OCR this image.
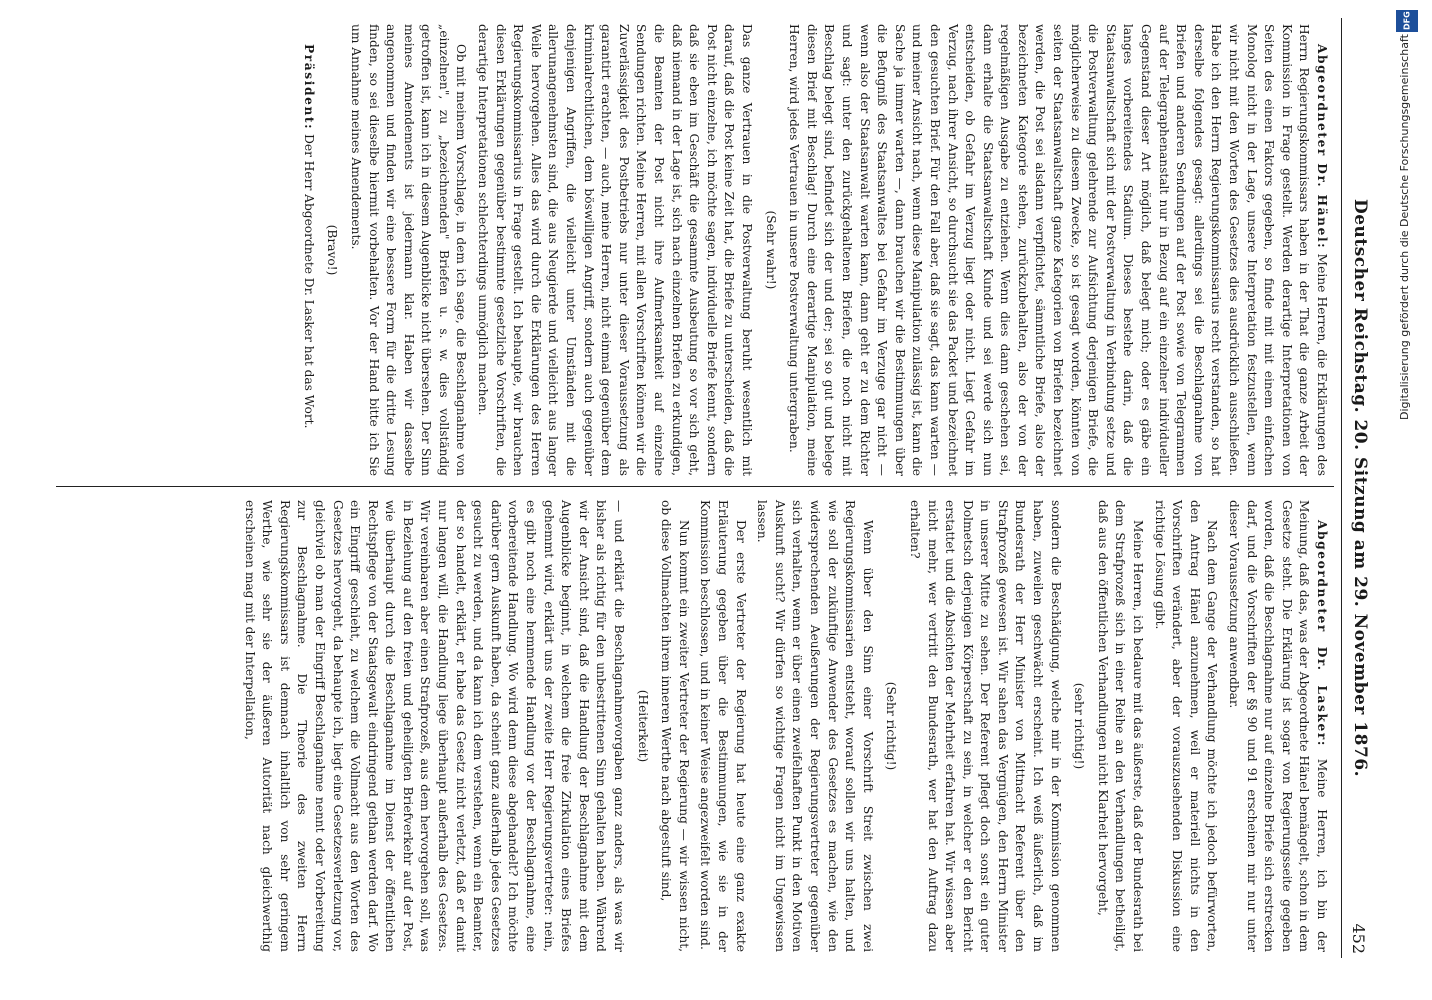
Deutscher Reichstag. 20. Sitzung am 29. November 1876.
452

Abgeordneter Dr. Hänel: Meine Herren, die Erklärungen des Herrn Regierungskommissars haben in der That die ganze Arbeit der Kommission in Frage gestellt. Werden derartige Interpretationen von Seiten des einen Faktors gegeben, so finde mit mit einem einfachen Monolog nicht in der Lage, unsere Interpretation festzustellen, wenn wir nicht mit den Worten des Gesetzes dies ausdrücklich ausschließen. Habe ich den Herrn Regierungskommissarius recht verstanden, so hat derselbe folgendes gesagt: allerdings sei die Beschlagnahme von Briefen und anderen Sendungen auf der Post sowie von Telegrammen auf der Telegraphenanstalt nur in Bezug auf ein einzelner individueller Gegenstand dieser Art möglich, daß belegt mich; oder es gäbe ein langes vorbereitendes Stadium. Dieses bestehe darin, daß die Staatsanwaltschaft sich mit der Postverwaltung in Verbindung setze und die Postverwaltung gelehrende zur Aufsichtung derjenigen Briefe, die möglicherweise zu diesem Zwecke, so ist gesagt worden, könnten von seiten der Staatsanwaltschaft ganze Kategorien von Briefen bezeichnet werden, die Post sei alsdann verpflichtet, sämmtliche Briefe, also der bezeichneten Kategorie stehen, zurückzubehalten, also der von der regelmäßigen Ausgabe zu entziehen. Wenn dies dann geschehen sei, dann erhalte die Staatsanwaltschaft Kunde und sei werde sich nun entscheiden, ob Gefahr im Verzug liegt oder nicht. Liegt Gefahr im Verzug, nach ihrer Ansicht, so durchsucht sie das Packet und bezeichnet den gesuchten Brief. Für den Fall aber, daß sie sagt, das kann warten — und meiner Ansicht nach, wenn diese Manipulation zulässig ist, kann die Sache ja immer warten —, dann brauchen wir die Bestimmungen über die Befugniß des Staatsanwaltes bei Gefahr im Verzuge gar nicht — wenn also der Staatsanwalt warten kann, dann geht er zu dem Richter und sagt: unter den zurückgehaltenen Briefen, die noch nicht mit Beschlag belegt sind, befindet sich der und der; sei so gut und belege diesen Brief mit Beschlag! Durch eine derartige Manipulation, meine Herren, wird jedes Vertrauen in unsere Postverwaltung untergraben.

(Sehr wahr!)

Das ganze Vertrauen in die Postverwaltung beruht wesentlich mit darauf, daß die Post keine Zeit hat, die Briefe zu unterscheiden, daß die Post nicht einzelne, ich möchte sagen, individuelle Briefe kennt, sondern daß sie eben im Geschäft die gesammte Ausbeutung so vor sich geht, daß niemand in der Lage ist, sich nach einzelnen Briefen zu erkundigen, die Beamten der Post nicht ihre Aufmerksamkeit auf einzelne Sendungen richten. Meine Herren, mit allen Vorschriften können wir die Zuverlässigkeit des Postbetriebs nur unter dieser Voraussetzung als garantirt erachten, — auch, meine Herren, nicht einmal gegenüber dem kriminalrechtlichen, dem böswilligen Angriff, sondern auch gegenüber denjenigen Angriffen, die vielleicht unter Umständen mit die allerunangenehmsten sind, die aus Neugierde und vielleicht aus langer Weile hervorgehen. Alles das wird durch die Erklärungen des Herren Regierungskommissarius in Frage gestellt. Ich behaupte, wir brauchen diesen Erklärungen gegenüber bestimmte gesetzliche Vorschriften, die derartige Interpretationen schlechterdings unmöglich machen.

Ob mit meinem Vorschlage, in dem ich sage, die Beschlagnahme von „einzelnen", zu „bezeichnenden" Briefen u. s. w. dies vollständig getroffen ist, kann ich in diesem Augenblicke nicht übersehen. Der Sinn meines Amendements ist jedermann klar. Haben wir dasselbe angenommen und finden wir eine bessere Form für die dritte Lesung finden, so sei dieselbe hiermit vorbehalten. Vor der Hand bitte ich Sie um Annahme meines Amendements.

(Bravo!)

Präsident: Der Herr Abgeordnete Dr. Lasker hat das Wort.

Abgeordneter Dr. Lasker: Meine Herren, ich bin der Meinung, daß das, was der Abgeordnete Hänel bemängelt, schon in dem Gesetze steht. Die Erklärung ist sogar von Regierungsseite gegeben worden, daß die Beschlagnahme nur auf einzelne Briefe sich erstrecken darf, und die Vorschriften der §§ 90 und 91 erscheinen mir nur unter dieser Voraussetzung anwendbar.

Nach dem Gange der Verhandlung möchte ich jedoch befürworten, den Antrag Hänel anzunehmen, weil er materiell nichts in den Vorschriften verändert, aber der vorauszusehenden Diskussion eine richtige Lösung gibt.

Meine Herren, ich bedaure mit das äußerste, daß der Bundesrath bei dem Strafprozeß sich in einer Reihe an den Verhandlungen betheiligt, daß aus den öffentlichen Verhandlungen nicht Klarheit hervorgeht,

(sehr richtig!)

sondern die Beschädigung, welche mir in der Kommission genommen haben, zuweilen geschwächt erscheint. Ich weiß äußerlich, daß im Bundesrath der Herr Minister von Mittnacht Referent über den Strafprozeß gewesen ist. Wir sahen das Vergnügen, den Herrn Minister in unserer Mitte zu sehen. Der Referent pflegt doch sonst ein guter Dolmetsch derjenigen Körperschaft zu sein, in welcher er den Bericht erstattet und die Absichten der Mehrheit erfahren hat. Wir wissen aber nicht mehr, wer vertritt den Bundesrath, wer hat den Auftrag dazu erhalten?

(Sehr richtig!)

Wenn über den Sinn einer Vorschrift Streit zwischen zwei Regierungskommissarien entsteht, worauf sollen wir uns halten, und wie soll der zukünftige Anwender des Gesetzes es machen, wie den widersprechenden Aeußerungen der Regierungsvertreter gegenüber sich verhalten, wenn er über einen zweifelhaften Punkt in den Motiven Auskunft sucht? Wir dürfen so wichtige Fragen nicht im Ungewissen lassen.

Der erste Vertreter der Regierung hat heute eine ganz exakte Erläuterung gegeben über die Bestimmungen, wie sie in der Kommission beschlossen, und in keiner Weise angezweifelt worden sind.

Nun kommt ein zweiter Vertreter der Regierung — wir wissen nicht, ob diese Vollmachten ihrem inneren Werthe nach abgestuft sind,

(Heiterkeit)

— und erklärt die Beschlagnahmevorgaben ganz anders, als was wir bisher als richtig für den unbestrittenen Sinn gehalten haben. Während wir der Ansicht sind, daß die Handlung der Beschlagnahme mit dem Augenblicke beginnt, in welchem die freie Zirkulation eines Briefes gehemmt wird, erklärt uns der zweite Herr Regierungsvertreter: nein, es gibt noch eine hemmende Handlung vor der Beschlagnahme, eine vorbereitende Handlung. Wo wird denn diese abgehandelt? Ich möchte darüber gern Auskunft haben, da scheint ganz außerhalb jedes Gesetzes gesucht zu werden, und da kann ich dem verstehen, wenn ein Beamter, der so handelt, erklärt, er habe das Gesetz nicht verletzt, daß er damit nur langen will, die Handlung liege überhaupt außerhalb des Gesetzes. Wir vereinbaren aber einen Strafprozeß, aus dem hervorgehen soll, was in Beziehung auf den freien und geheiligten Briefverkehr auf der Post, wie überhaupt durch die Beschlagnahme im Dienst der öffentlichen Rechtspflege von der Staatsgewalt eindringend gethan werden darf. Wo ein Eingriff geschieht, zu welchem die Vollmacht aus den Worten des Gesetzes hervorgeht, da behaupte ich, liegt eine Gesetzesverletzung vor, gleichviel ob man der Eingriff Beschlagnahme nennt oder Vorbereitung zur Beschlagnahme. Die Theorie des zweiten Herrn Regierungskommissars ist demnach inhaltlich von sehr geringem Werthe, wie sehr sie der äußeren Autorität nach gleichwerthig erscheinen mag mit der Interpellation,

DFG
Digitalisierung gefördert durch die Deutsche Forschungsgemeinschaft
